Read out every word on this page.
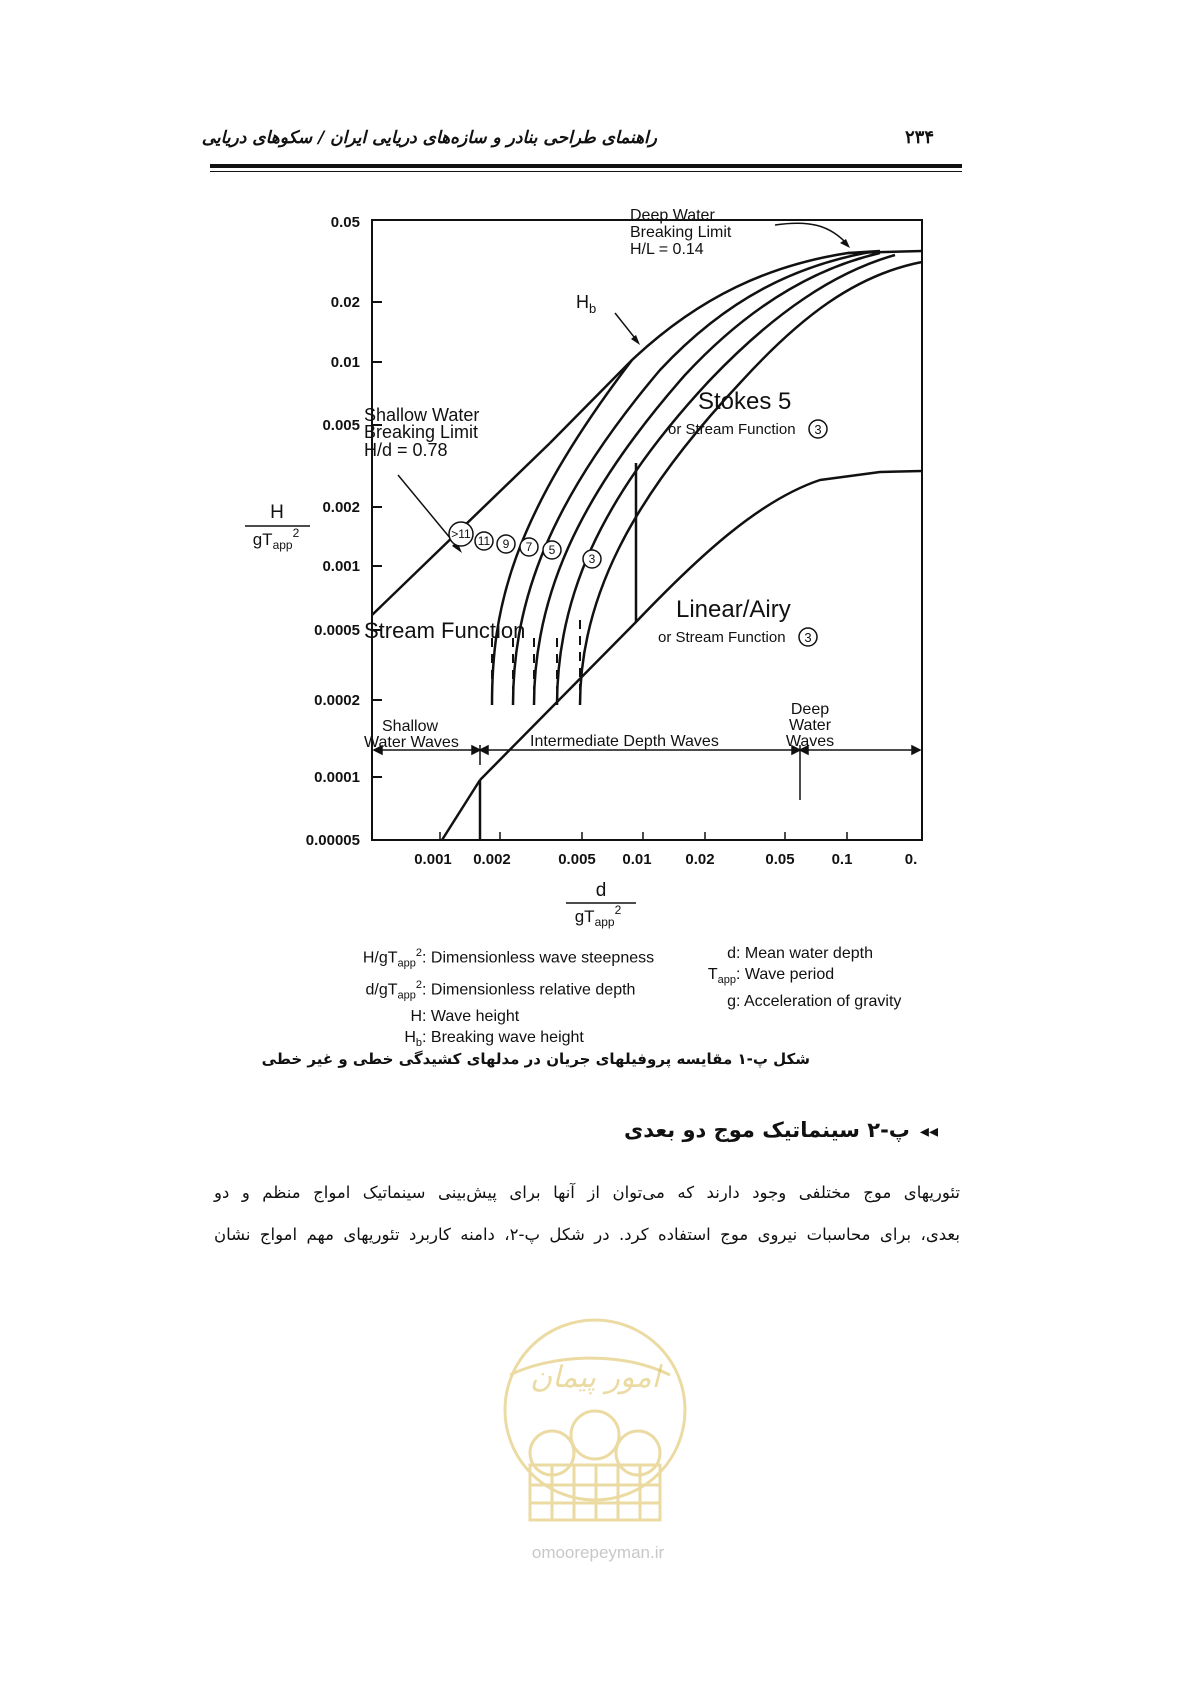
راهنمای طراحی بنادر و سازه‌های دریایی ایران / سکوهای دریایی	۲۳۴
0.05
0.02
0.01
0.005
0.002
0.001
0.0005
0.0002
0.0001
0.00005
0.001 0.002	0.005 0.01 0.02	0.05 0.1	0.
H
$gT_{app}^2$
d
$gT_{app}^2$
Deep Water
Breaking Limit
H/L = 0.14
$H_b$
Shallow Water
Breaking Limit
H/d = 0.78
Stokes 5
or Stream Function 3
Linear/Airy
or Stream Function 3
Stream Function
>11 11 9 7 5
3
Shallow
Water Waves	Intermediate Depth Waves
Deep
Water
Waves
$H/gT_{app}^2$: Dimensionless wave steepness
$d/gT_{app}^2$: Dimensionless relative depth
H: Wave height
$H_b$: Breaking wave height
d: Mean water depth
$T_{app}$: Wave period
g: Acceleration of gravity
شکل پ-۱ مقایسه پروفیلهای جریان در مدلهای کشیدگی خطی و غیر خطی
◂◂پ-۲ سینماتیک موج دو بعدی

تئوریهای موج مختلفی وجود دارند که می‌توان از آنها برای پیش‌بینی سینماتیک امواج منظم و دو

بعدی، برای محاسبات نیروی موج استفاده کرد. در شکل پ-۲، دامنه کاربرد تئوریهای مهم امواج نشان

امور پیمان
omoorepeyman.ir
